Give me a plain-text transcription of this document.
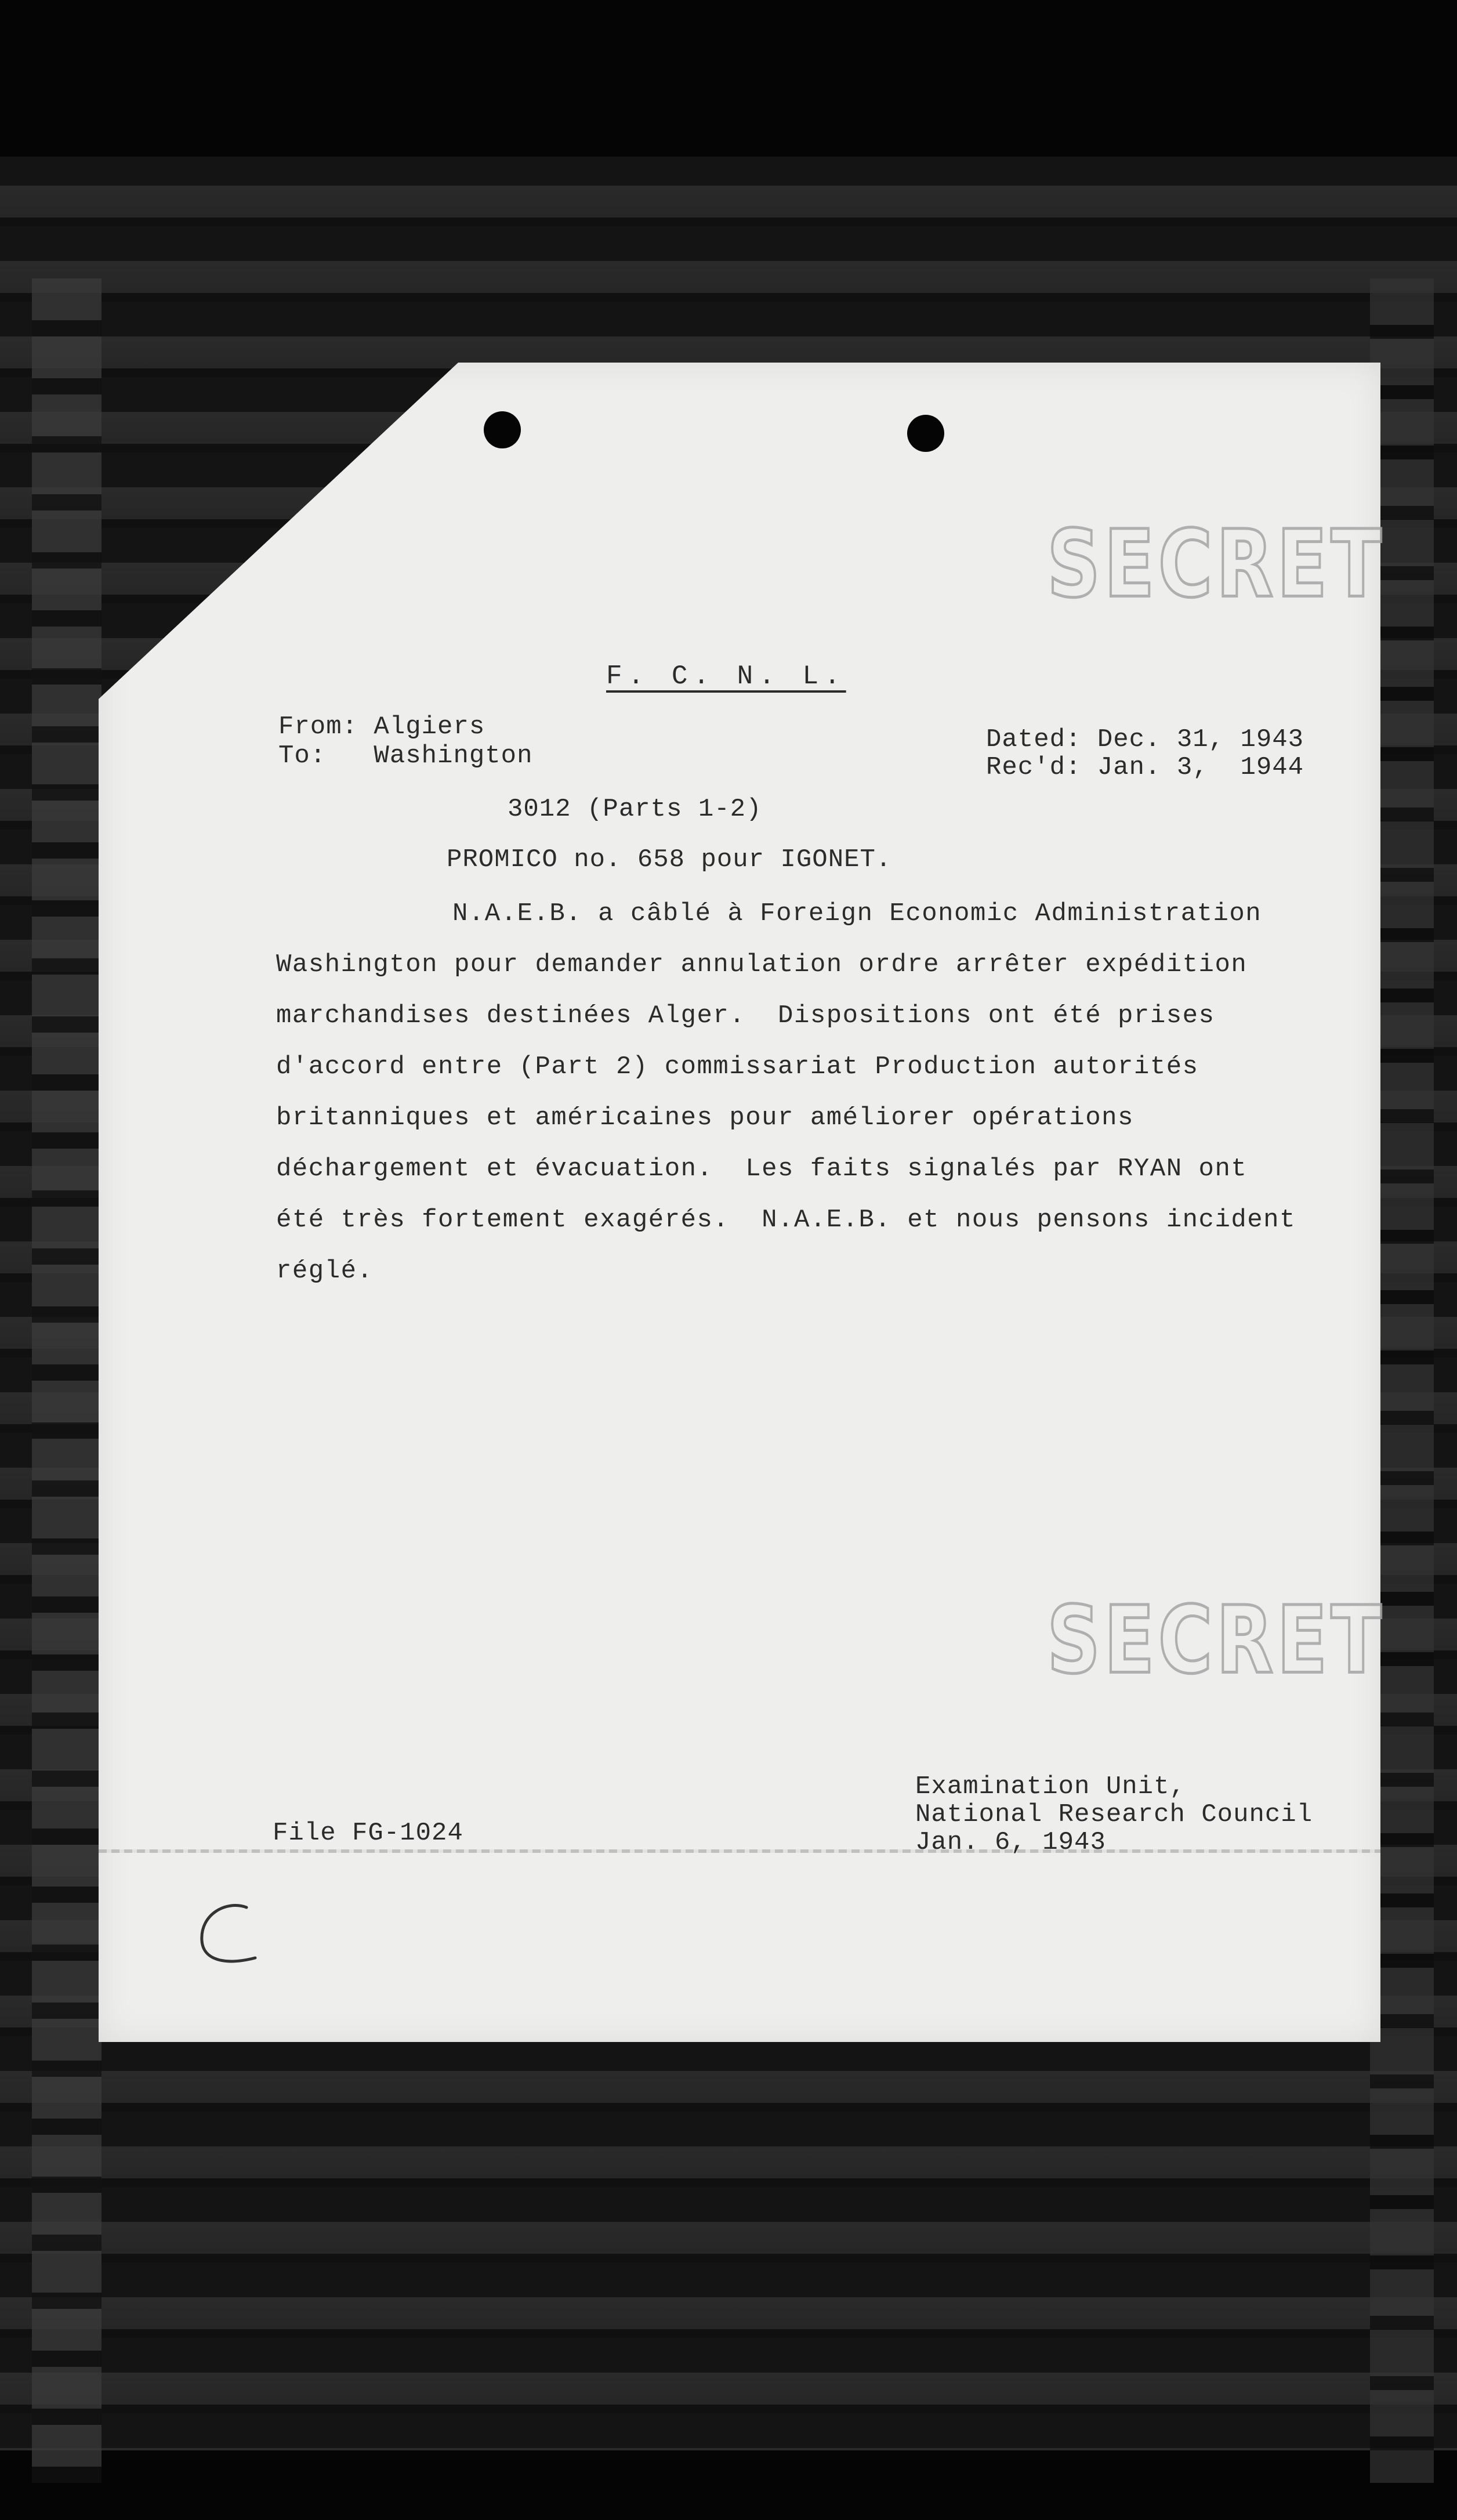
SECRET
SECRET
F. C. N. L.
From: Algiers
To:   Washington
Dated: Dec. 31, 1943
Rec'd: Jan. 3,  1944
3012 (Parts 1-2)
PROMICO no. 658 pour IGONET.
N.A.E.B. a câblé à Foreign Economic Administration
Washington pour demander annulation ordre arrêter expédition
marchandises destinées Alger.  Dispositions ont été prises
d'accord entre (Part 2) commissariat Production autorités
britanniques et américaines pour améliorer opérations
déchargement et évacuation.  Les faits signalés par RYAN ont
été très fortement exagérés.  N.A.E.B. et nous pensons incident
réglé.
File FG-1024
Examination Unit,
National Research Council
Jan. 6, 1943
